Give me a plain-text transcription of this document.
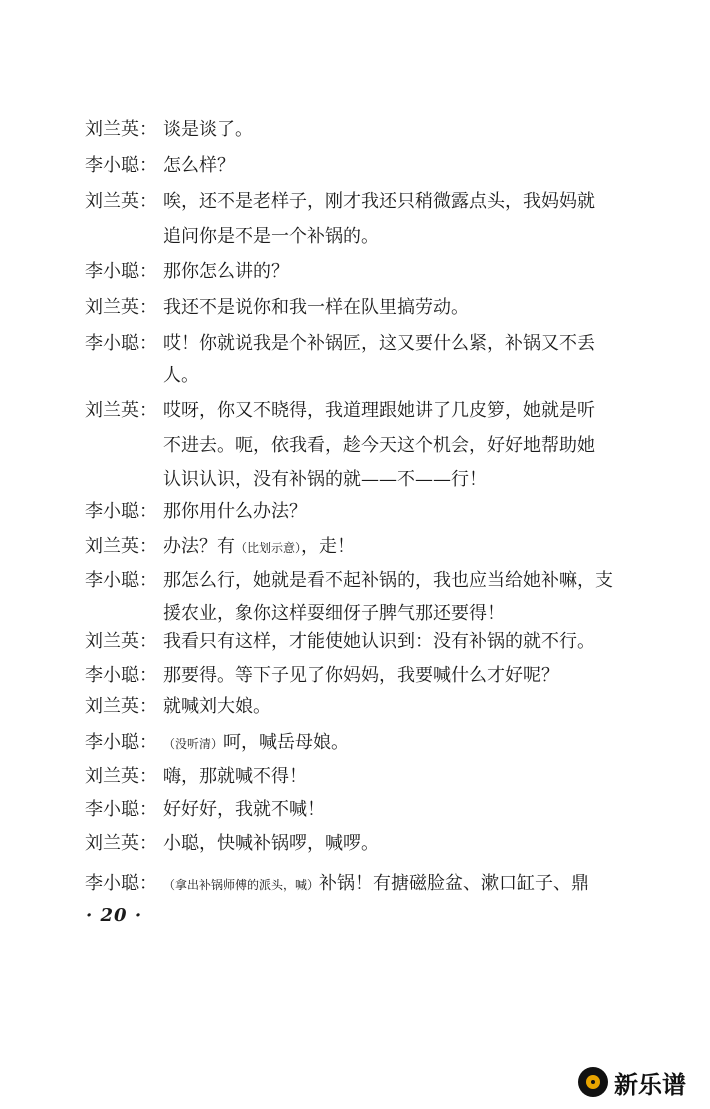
刘兰英： 谈是谈了。
李小聪： 怎么样？
刘兰英： 唉，还不是老样子，刚才我还只稍微露点头，我妈妈就
追问你是不是一个补锅的。
李小聪： 那你怎么讲的？
刘兰英： 我还不是说你和我一样在队里搞劳动。
李小聪： 哎！你就说我是个补锅匠，这又要什么紧，补锅又不丢
人。
刘兰英： 哎呀，你又不晓得，我道理跟她讲了几皮箩，她就是听
不进去。呃，依我看，趁今天这个机会，好好地帮助她
认识认识，没有补锅的就——不——行！
李小聪： 那你用什么办法？
刘兰英： 办法？有（比划示意），走！
李小聪： 那怎么行，她就是看不起补锅的，我也应当给她补嘛，支
援农业，象你这样耍细伢子脾气那还要得！
刘兰英： 我看只有这样，才能使她认识到：没有补锅的就不行。
李小聪： 那要得。等下子见了你妈妈，我要喊什么才好呢？
刘兰英： 就喊刘大娘。
李小聪： （没听清）呵，喊岳母娘。
刘兰英： 嗨，那就喊不得！
李小聪： 好好好，我就不喊！
刘兰英： 小聪，快喊补锅啰，喊啰。
李小聪： （拿出补锅师傅的派头，喊）补锅！有搪磁脸盆、漱口缸子、鼎
· 20 ·
新乐谱
